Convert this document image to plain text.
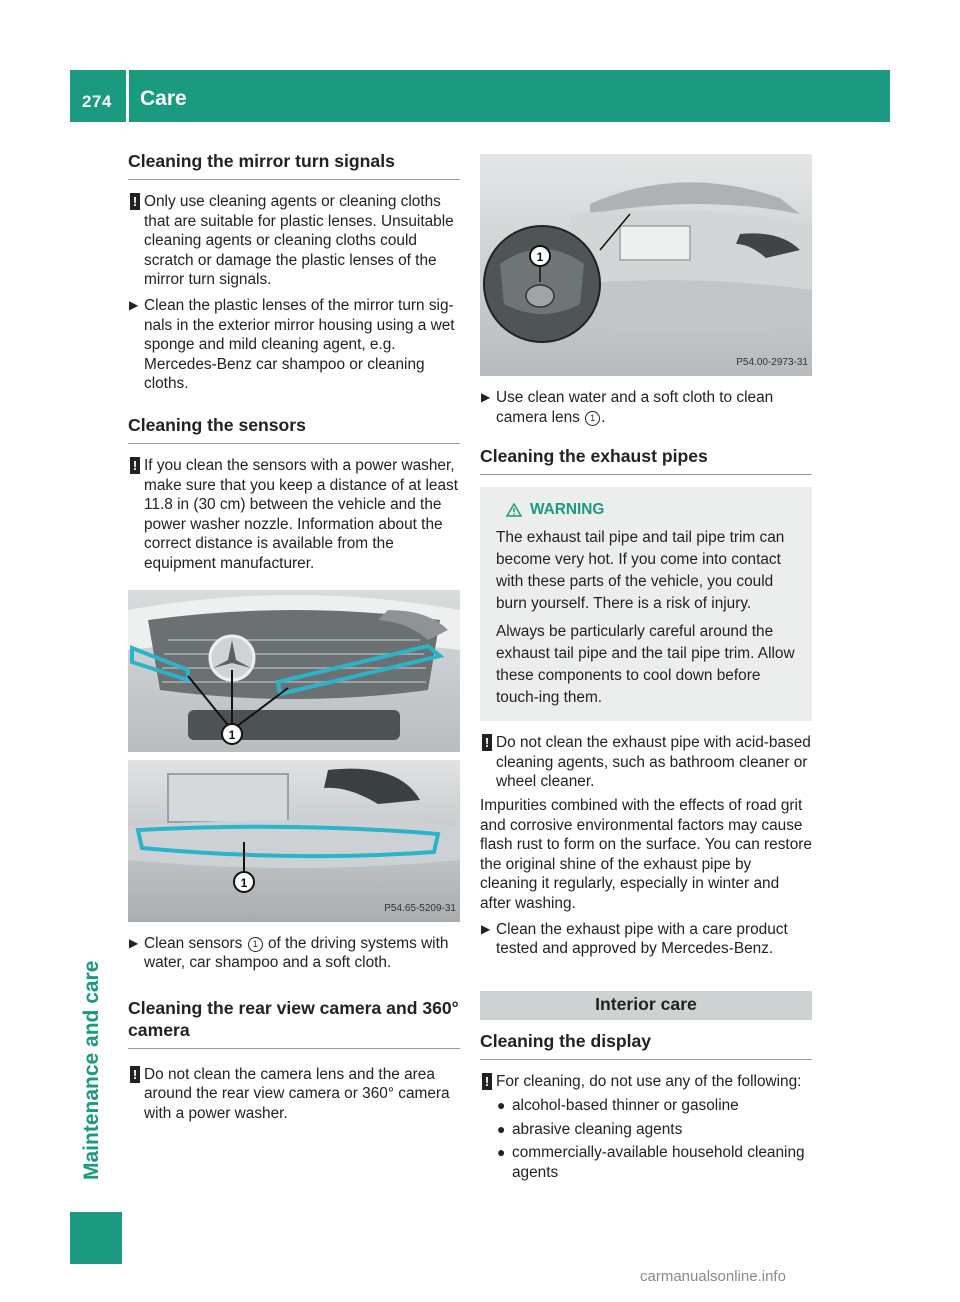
274 Care
Maintenance and care
Cleaning the mirror turn signals
! Only use cleaning agents or cleaning cloths that are suitable for plastic lenses. Unsuitable cleaning agents or cleaning cloths could scratch or damage the plastic lenses of the mirror turn signals.

▶ Clean the plastic lenses of the mirror turn sig-nals in the exterior mirror housing using a wet sponge and mild cleaning agent, e.g. Mercedes-Benz car shampoo or cleaning cloths.

Cleaning the sensors
! If you clean the sensors with a power washer, make sure that you keep a distance of at least 11.8 in (30 cm) between the vehicle and the power washer nozzle. Information about the correct distance is available from the equipment manufacturer.

1
1
P54.65-5209-31
▶ Clean sensors 1 of the driving systems with water, car shampoo and a soft cloth.

Cleaning the rear view camera and 360° camera
! Do not clean the camera lens and the area around the rear view camera or 360° camera with a power washer.

1
P54.00-2973-31
▶ Use clean water and a soft cloth to clean camera lens 1 .

Cleaning the exhaust pipes
WARNING

The exhaust tail pipe and tail pipe trim can become very hot. If you come into contact with these parts of the vehicle, you could burn yourself. There is a risk of injury.

Always be particularly careful around the exhaust tail pipe and the tail pipe trim. Allow these components to cool down before touch-ing them.

! Do not clean the exhaust pipe with acid-based cleaning agents, such as bathroom cleaner or wheel cleaner.

Impurities combined with the effects of road grit and corrosive environmental factors may cause flash rust to form on the surface. You can restore the original shine of the exhaust pipe by cleaning it regularly, especially in winter and after washing.

▶ Clean the exhaust pipe with a care product tested and approved by Mercedes-Benz.

Interior care
Cleaning the display
! For cleaning, do not use any of the following:

● alcohol-based thinner or gasoline

● abrasive cleaning agents

● commercially-available household cleaning agents

carmanualsonline.info
